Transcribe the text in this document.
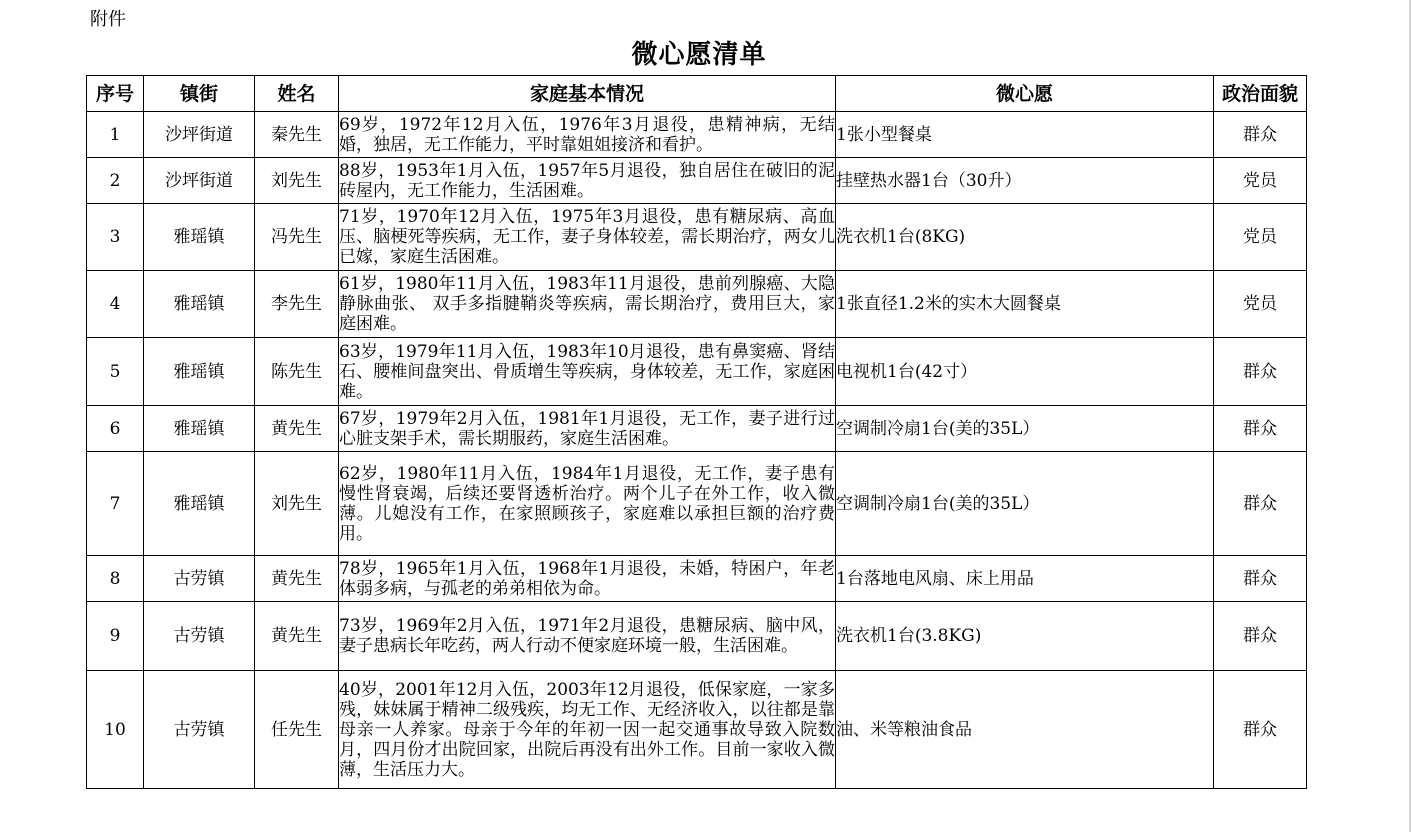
附件
微心愿清单
序号	镇街	姓名	家庭基本情况	微心愿	政治面貌
1	沙坪街道	秦先生	69岁，1972年12月入伍，1976年3月退役，患精神病，无结婚，独居，无工作能力，平时靠姐姐接济和看护。	1张小型餐桌	群众
2	沙坪街道	刘先生	88岁，1953年1月入伍，1957年5月退役，独自居住在破旧的泥砖屋内，无工作能力，生活困难。	挂壁热水器1台（30升）	党员
3	雅瑶镇	冯先生	71岁，1970年12月入伍，1975年3月退役，患有糖尿病、高血压、脑梗死等疾病，无工作，妻子身体较差，需长期治疗，两女儿已嫁，家庭生活困难。	洗衣机1台(8KG)	党员
4	雅瑶镇	李先生	61岁，1980年11月入伍，1983年11月退役，患前列腺癌、大隐静脉曲张、 双手多指腱鞘炎等疾病，需长期治疗，费用巨大，家庭困难。	1张直径1.2米的实木大圆餐桌	党员
5	雅瑶镇	陈先生	63岁，1979年11月入伍，1983年10月退役，患有鼻窦癌、肾结石、腰椎间盘突出、骨质增生等疾病，身体较差，无工作，家庭困难。	电视机1台(42寸）	群众
6	雅瑶镇	黄先生	67岁，1979年2月入伍，1981年1月退役，无工作，妻子进行过心脏支架手术，需长期服药，家庭生活困难。	空调制冷扇1台(美的35L）	群众
7	雅瑶镇	刘先生	62岁，1980年11月入伍，1984年1月退役，无工作，妻子患有慢性肾衰竭，后续还要肾透析治疗。两个儿子在外工作，收入微薄。儿媳没有工作，在家照顾孩子，家庭难以承担巨额的治疗费用。	空调制冷扇1台(美的35L）	群众
8	古劳镇	黄先生	78岁，1965年1月入伍，1968年1月退役，未婚，特困户，年老体弱多病，与孤老的弟弟相依为命。	1台落地电风扇、床上用品	群众
9	古劳镇	黄先生	73岁，1969年2月入伍，1971年2月退役，患糖尿病、脑中风，妻子患病长年吃药，两人行动不便家庭环境一般，生活困难。	洗衣机1台(3.8KG)	群众
10	古劳镇	任先生	40岁，2001年12月入伍，2003年12月退役，低保家庭，一家多残，妹妹属于精神二级残疾，均无工作、无经济收入，以往都是靠母亲一人养家。母亲于今年的年初一因一起交通事故导致入院数月，四月份才出院回家，出院后再没有出外工作。目前一家收入微薄，生活压力大。	油、米等粮油食品	群众
